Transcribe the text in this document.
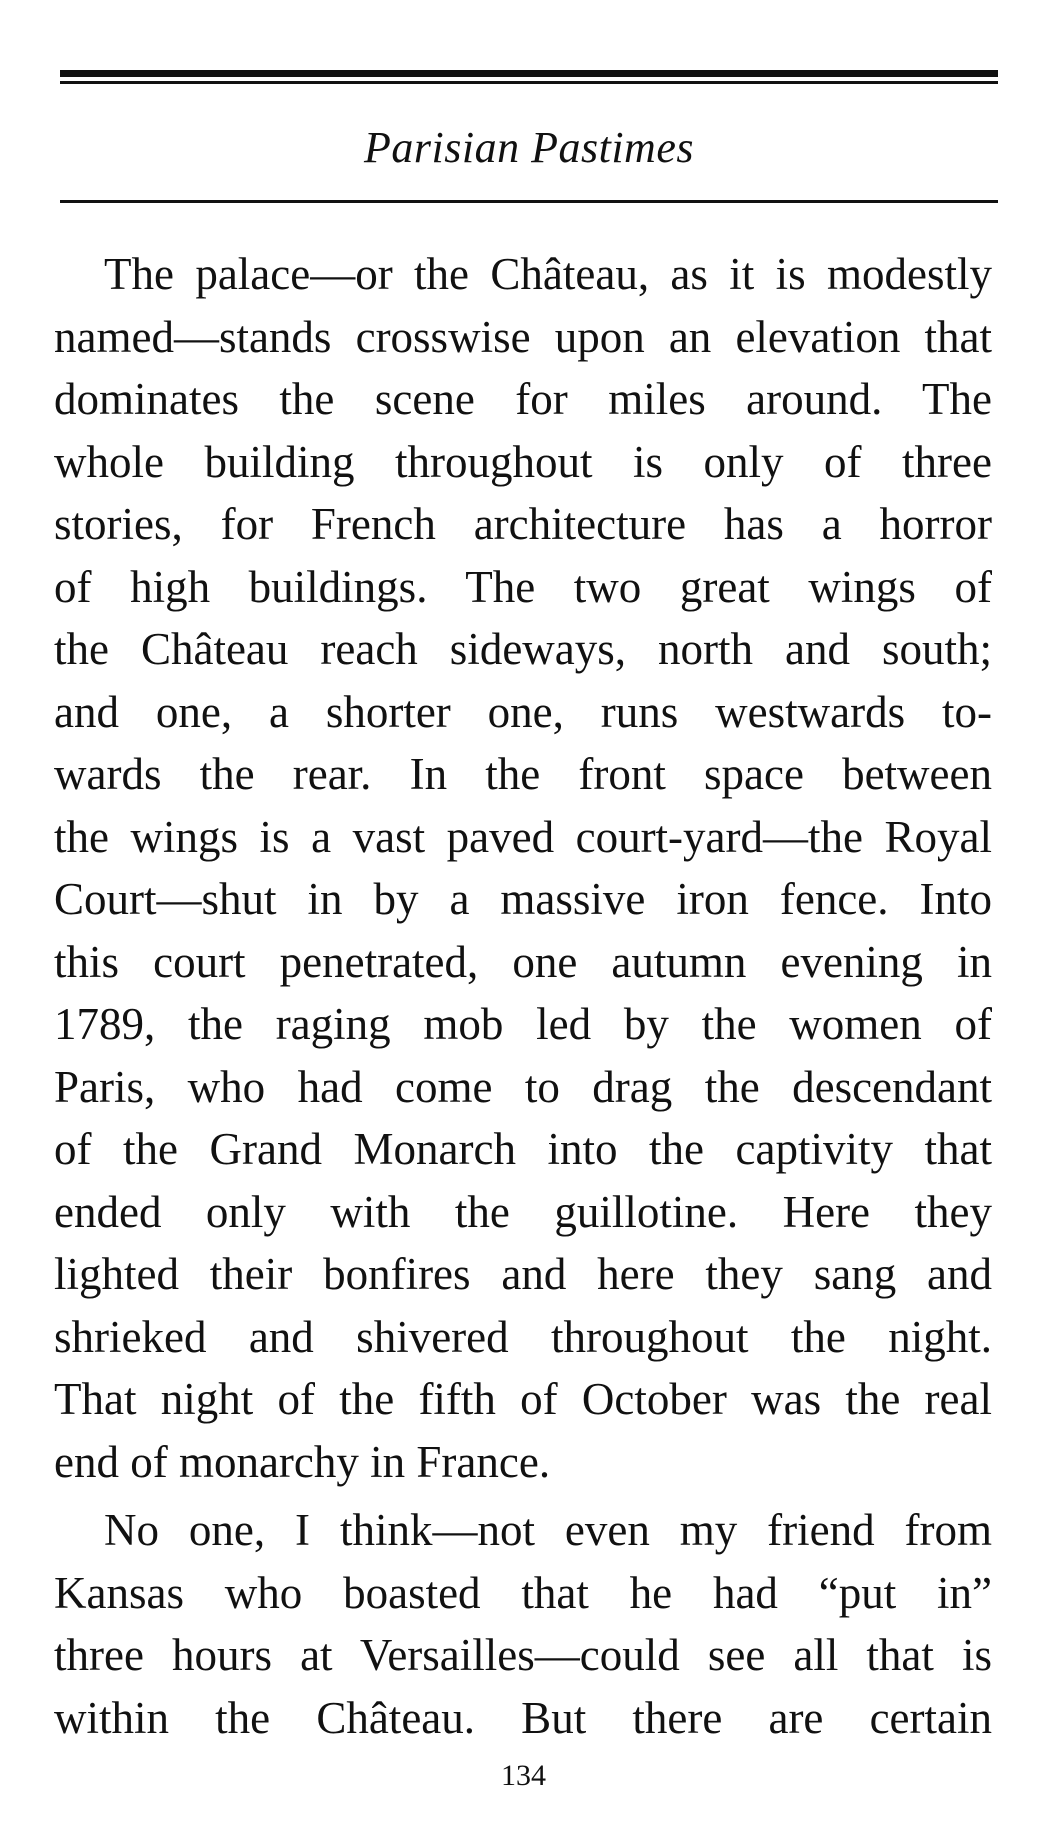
Parisian Pastimes
The palace—or the Château, as it is modestly
named—stands crosswise upon an elevation that
dominates the scene for miles around. The
whole building throughout is only of three
stories, for French architecture has a horror
of high buildings. The two great wings of
the Château reach sideways, north and south;
and one, a shorter one, runs westwards to-
wards the rear. In the front space between
the wings is a vast paved court-yard—the Royal
Court—shut in by a massive iron fence. Into
this court penetrated, one autumn evening in
1789, the raging mob led by the women of
Paris, who had come to drag the descendant
of the Grand Monarch into the captivity that
ended only with the guillotine. Here they
lighted their bonfires and here they sang and
shrieked and shivered throughout the night.
That night of the fifth of October was the real
end of monarchy in France.
No one, I think—not even my friend from
Kansas who boasted that he had “put in”
three hours at Versailles—could see all that is
within the Château. But there are certain
134
